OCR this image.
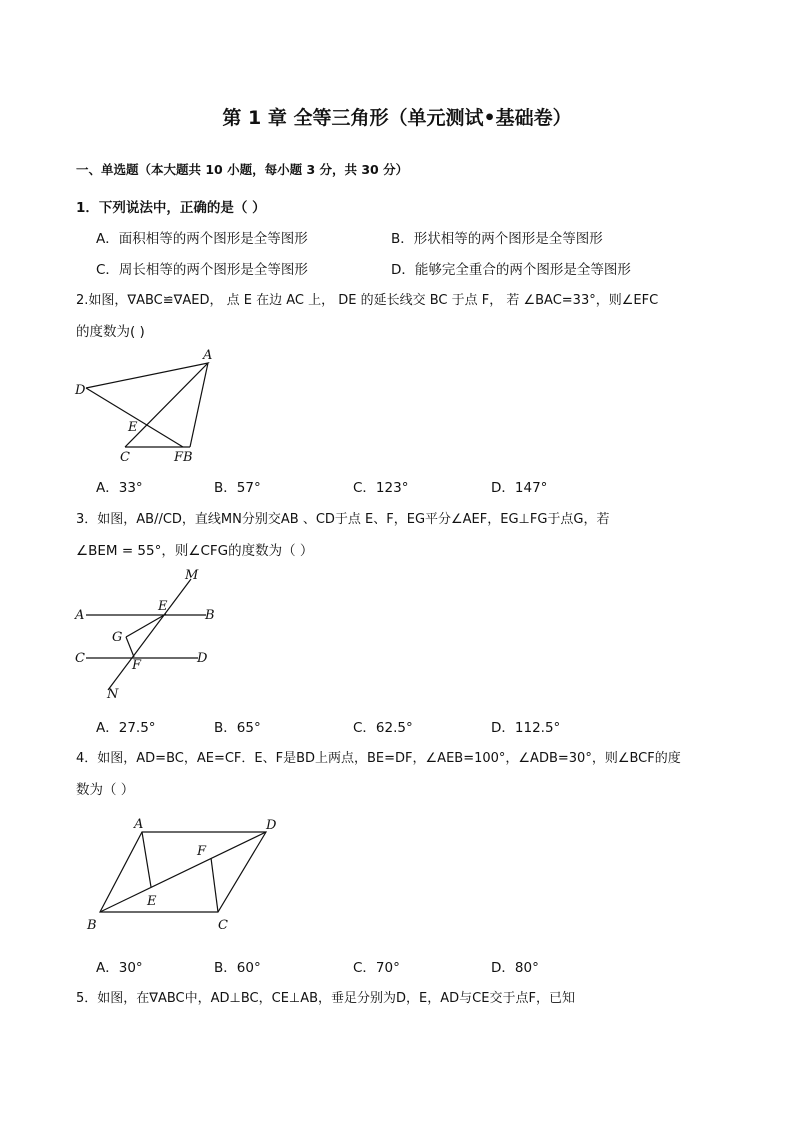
第 1 章 全等三角形（单元测试•基础卷）
一、单选题（本大题共 10 小题，每小题 3 分，共 30 分）
1．下列说法中，正确的是（ ）
A．面积相等的两个图形是全等图形	B．形状相等的两个图形是全等图形
C．周长相等的两个图形是全等图形	D．能够完全重合的两个图形是全等图形
2.如图，∇ABC≌∇AED， 点 E 在边 AC 上， DE 的延长线交 BC 于点 F， 若 ∠BAC=33°，则∠EFC
的度数为( )
A
D
E
C	FB
A．33°	B．57°	C．123°	D．147°
3．如图，AB//CD，直线MN分别交AB 、CD于点 E、F，EG平分∠AEF，EG⊥FG于点G，若
∠BEM = 55°，则∠CFG的度数为（ ）
M
A
E
B
G
C	F	D
N
A．27.5°	B．65°	C．62.5°	D．112.5°
4．如图，AD=BC，AE=CF．E、F是BD上两点，BE=DF，∠AEB=100°，∠ADB=30°，则∠BCF的度
数为（ ）
A	D
F
E
B	C
A．30°	B．60°	C．70°	D．80°
5．如图，在∇ABC中，AD⊥BC，CE⊥AB，垂足分别为D，E，AD与CE交于点F，已知
